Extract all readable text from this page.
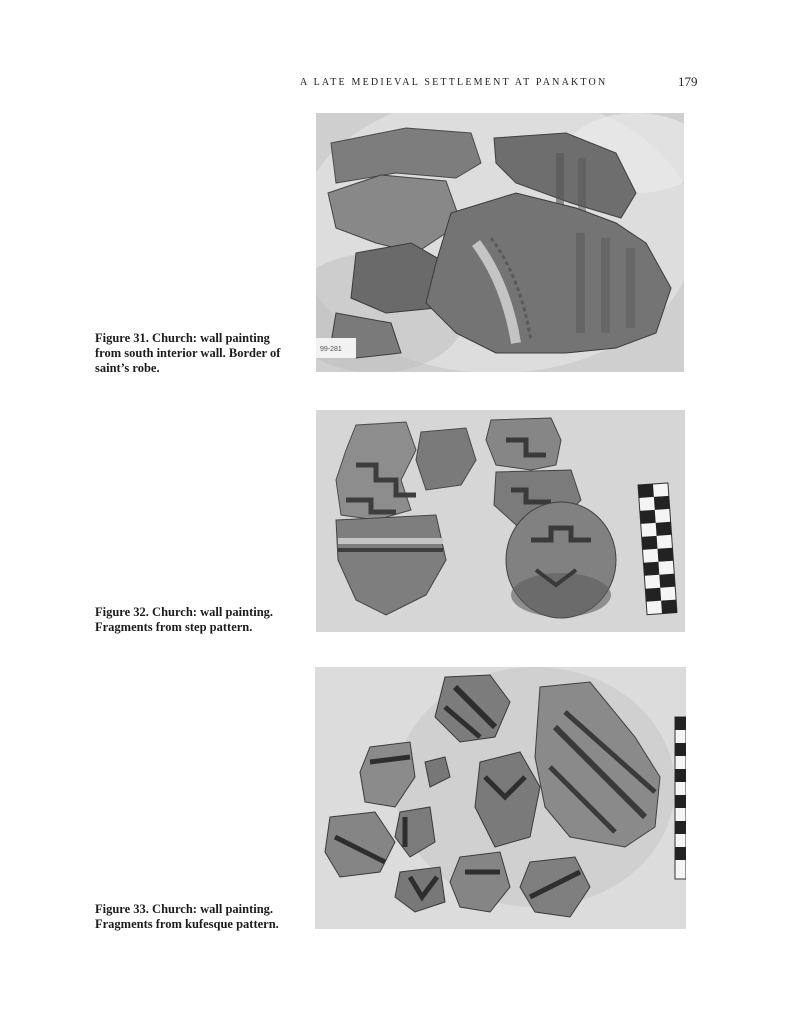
A LATE MEDIEVAL SETTLEMENT AT PANAKTON	179
99-281
Figure 31. Church: wall painting from south interior wall. Border of saint’s robe.
Figure 32. Church: wall painting. Fragments from step pattern.
Figure 33. Church: wall painting. Fragments from kufesque pattern.
